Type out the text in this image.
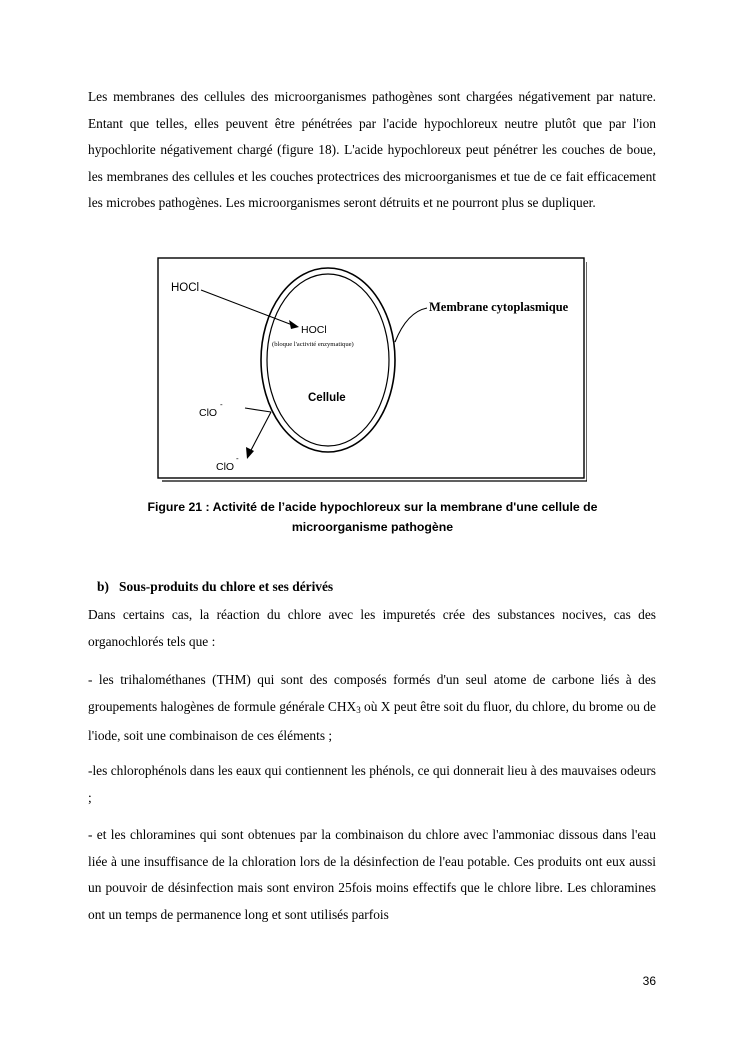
Les membranes des cellules des microorganismes pathogènes sont chargées négativement par nature. Entant que telles, elles peuvent être pénétrées par l'acide hypochloreux neutre plutôt que par l'ion hypochlorite négativement chargé (figure 18). L'acide hypochloreux peut pénétrer les couches de boue, les membranes des cellules et les couches protectrices des microorganismes et tue de ce fait efficacement les microbes pathogènes. Les microorganismes seront détruits et ne pourront plus se dupliquer.

HOCl
HOCl
(bloque l'activité enzymatique)
Cellule
Membrane cytoplasmique
ClO
-
ClO
-
Figure 21 : Activité de l’acide hypochloreux sur la membrane d'une cellule de microorganisme pathogène
b) Sous-produits du chlore et ses dérivés

Dans certains cas, la réaction du chlore avec les impuretés crée des substances nocives, cas des organochlorés tels que :

- les trihalométhanes (THM) qui sont des composés formés d'un seul atome de carbone liés à des groupements halogènes de formule générale $CHX_3$ où X peut être soit du fluor, du chlore, du brome ou de l'iode, soit une combinaison de ces éléments ;

-les chlorophénols dans les eaux qui contiennent les phénols, ce qui donnerait lieu à des mauvaises odeurs ;

- et les chloramines qui sont obtenues par la combinaison du chlore avec l'ammoniac dissous dans l'eau liée à une insuffisance de la chloration lors de la désinfection de l'eau potable. Ces produits ont eux aussi un pouvoir de désinfection mais sont environ 25fois moins effectifs que le chlore libre. Les chloramines ont un temps de permanence long et sont utilisés parfois

36
